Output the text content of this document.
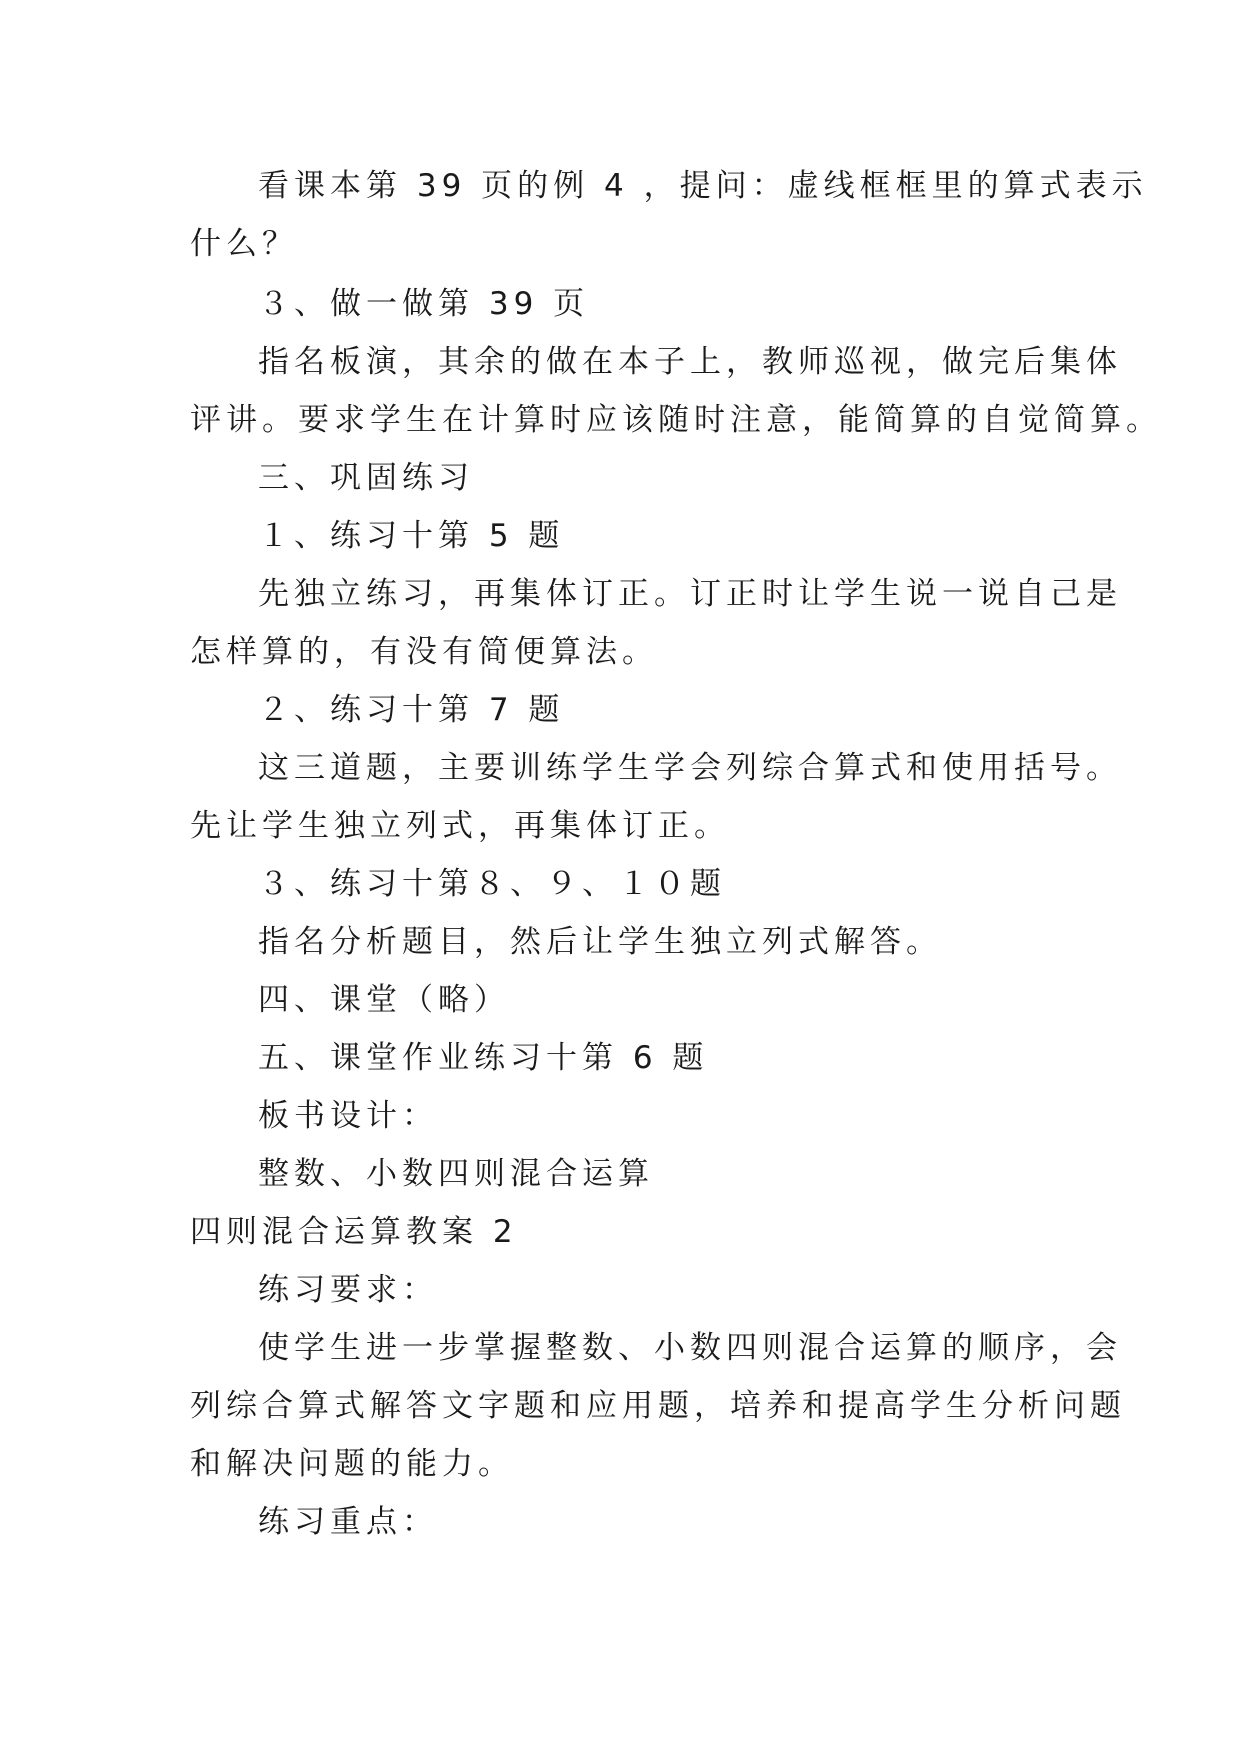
看课本第 39 页的例 4 ，提问：虚线框框里的算式表示
什么？
３、做一做第 39 页
指名板演，其余的做在本子上，教师巡视，做完后集体
评讲。要求学生在计算时应该随时注意，能简算的自觉简算。
三、巩固练习
１、练习十第 5 题
先独立练习，再集体订正。订正时让学生说一说自己是
怎样算的，有没有简便算法。
２、练习十第 7 题
这三道题，主要训练学生学会列综合算式和使用括号。
先让学生独立列式，再集体订正。
３、练习十第８、９、１０题
指名分析题目，然后让学生独立列式解答。
四、课堂（略）
五、课堂作业练习十第 6 题
板书设计：
整数、小数四则混合运算
四则混合运算教案 2
练习要求：
使学生进一步掌握整数、小数四则混合运算的顺序，会
列综合算式解答文字题和应用题，培养和提高学生分析问题
和解决问题的能力。
练习重点：
